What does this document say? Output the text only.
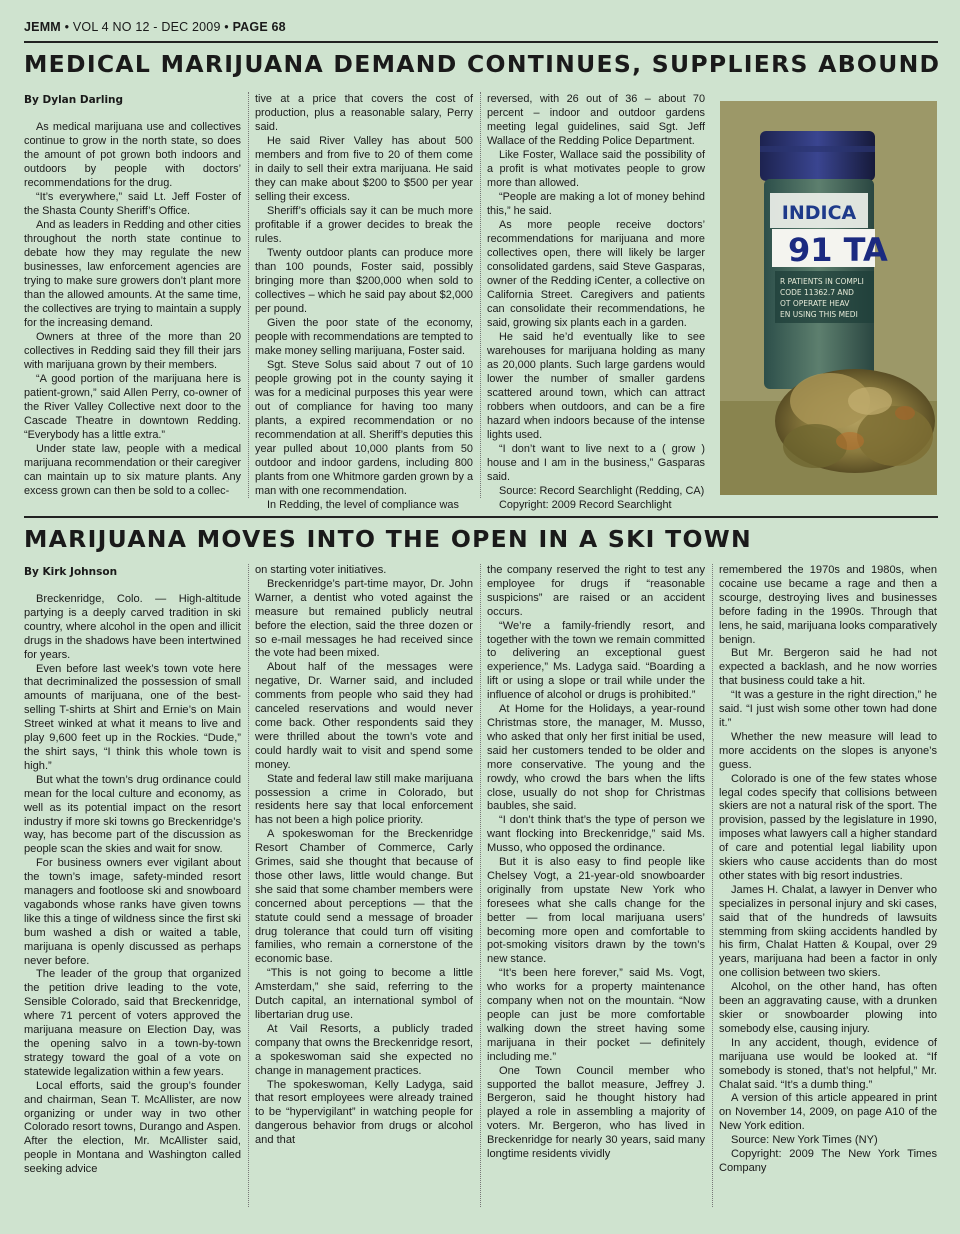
JEMM • VOL 4 NO 12 - DEC 2009 • PAGE 68
MEDICAL MARIJUANA DEMAND CONTINUES, SUPPLIERS ABOUND
By Dylan Darling

As medical marijuana use and collectives continue to grow in the north state, so does the amount of pot grown both indoors and outdoors by people with doctors’ recommendations for the drug.

“It’s everywhere,” said Lt. Jeff Foster of the Shasta County Sheriff’s Office.

And as leaders in Redding and other cities throughout the north state continue to debate how they may regulate the new businesses, law enforcement agencies are trying to make sure growers don’t plant more than the allowed amounts. At the same time, the collectives are trying to maintain a supply for the increasing demand.

Owners at three of the more than 20 collectives in Redding said they fill their jars with marijuana grown by their members.

“A good portion of the marijuana here is patient-grown,” said Allen Perry, co-owner of the River Valley Collective next door to the Cascade Theatre in downtown Redding. “Everybody has a little extra.”

Under state law, people with a medical marijuana recommendation or their caregiver can maintain up to six mature plants. Any excess grown can then be sold to a collec-

tive at a price that covers the cost of production, plus a reasonable salary, Perry said.

He said River Valley has about 500 members and from five to 20 of them come in daily to sell their extra marijuana. He said they can make about $200 to $500 per year selling their excess.

Sheriff’s officials say it can be much more profitable if a grower decides to break the rules.

Twenty outdoor plants can produce more than 100 pounds, Foster said, possibly bringing more than $200,000 when sold to collectives – which he said pay about $2,000 per pound.

Given the poor state of the economy, people with recommendations are tempted to make money selling marijuana, Foster said.

Sgt. Steve Solus said about 7 out of 10 people growing pot in the county saying it was for a medicinal purposes this year were out of compliance for having too many plants, a expired recommendation or no recommendation at all. Sheriff’s deputies this year pulled about 10,000 plants from 50 outdoor and indoor gardens, including 800 plants from one Whitmore garden grown by a man with one recommendation.

In Redding, the level of compliance was

reversed, with 26 out of 36 – about 70 percent – indoor and outdoor gardens meeting legal guidelines, said Sgt. Jeff Wallace of the Redding Police Department.

Like Foster, Wallace said the possibility of a profit is what motivates people to grow more than allowed.

“People are making a lot of money behind this,” he said.

As more people receive doctors’ recommendations for marijuana and more collectives open, there will likely be larger consolidated gardens, said Steve Gasparas, owner of the Redding iCenter, a collective on California Street. Caregivers and patients can consolidate their recommendations, he said, growing six plants each in a garden.

He said he’d eventually like to see warehouses for marijuana holding as many as 20,000 plants. Such large gardens would lower the number of smaller gardens scattered around town, which can attract robbers when outdoors, and can be a fire hazard when indoors because of the intense lights used.

“I don’t want to live next to a ( grow ) house and I am in the business,” Gasparas said.

Source: Record Searchlight (Redding, CA)

Copyright: 2009 Record Searchlight

INDICA
91 TA
R PATIENTS IN COMPLI
CODE 11362.7 AND
OT OPERATE HEAV
EN USING THIS MEDI
MARIJUANA MOVES INTO THE OPEN IN A SKI TOWN
By Kirk Johnson

Breckenridge, Colo. — High-altitude partying is a deeply carved tradition in ski country, where alcohol in the open and illicit drugs in the shadows have been intertwined for years.

Even before last week’s town vote here that decriminalized the possession of small amounts of marijuana, one of the best-selling T-shirts at Shirt and Ernie’s on Main Street winked at what it means to live and play 9,600 feet up in the Rockies. “Dude,” the shirt says, “I think this whole town is high.”

But what the town’s drug ordinance could mean for the local culture and economy, as well as its potential impact on the resort industry if more ski towns go Breckenridge’s way, has become part of the discussion as people scan the skies and wait for snow.

For business owners ever vigilant about the town’s image, safety-minded resort managers and footloose ski and snowboard vagabonds whose ranks have given towns like this a tinge of wildness since the first ski bum washed a dish or waited a table, marijuana is openly discussed as perhaps never before.

The leader of the group that organized the petition drive leading to the vote, Sensible Colorado, said that Breckenridge, where 71 percent of voters approved the marijuana measure on Election Day, was the opening salvo in a town-by-town strategy toward the goal of a vote on statewide legalization within a few years.

Local efforts, said the group’s founder and chairman, Sean T. McAllister, are now organizing or under way in two other Colorado resort towns, Durango and Aspen. After the election, Mr. McAllister said, people in Montana and Washington called seeking advice

on starting voter initiatives.

Breckenridge’s part-time mayor, Dr. John Warner, a dentist who voted against the measure but remained publicly neutral before the election, said the three dozen or so e-mail messages he had received since the vote had been mixed.

About half of the messages were negative, Dr. Warner said, and included comments from people who said they had canceled reservations and would never come back. Other respondents said they were thrilled about the town’s vote and could hardly wait to visit and spend some money.

State and federal law still make marijuana possession a crime in Colorado, but residents here say that local enforcement has not been a high police priority.

A spokeswoman for the Breckenridge Resort Chamber of Commerce, Carly Grimes, said she thought that because of those other laws, little would change. But she said that some chamber members were concerned about perceptions — that the statute could send a message of broader drug tolerance that could turn off visiting families, who remain a cornerstone of the economic base.

“This is not going to become a little Amsterdam,” she said, referring to the Dutch capital, an international symbol of libertarian drug use.

At Vail Resorts, a publicly traded company that owns the Breckenridge resort, a spokeswoman said she expected no change in management practices.

The spokeswoman, Kelly Ladyga, said that resort employees were already trained to be “hypervigilant” in watching people for dangerous behavior from drugs or alcohol and that

the company reserved the right to test any employee for drugs if “reasonable suspicions” are raised or an accident occurs.

“We’re a family-friendly resort, and together with the town we remain committed to delivering an exceptional guest experience,” Ms. Ladyga said. “Boarding a lift or using a slope or trail while under the influence of alcohol or drugs is prohibited.”

At Home for the Holidays, a year-round Christmas store, the manager, M. Musso, who asked that only her first initial be used, said her customers tended to be older and more conservative. The young and the rowdy, who crowd the bars when the lifts close, usually do not shop for Christmas baubles, she said.

“I don’t think that’s the type of person we want flocking into Breckenridge,” said Ms. Musso, who opposed the ordinance.

But it is also easy to find people like Chelsey Vogt, a 21-year-old snowboarder originally from upstate New York who foresees what she calls change for the better — from local marijuana users’ becoming more open and comfortable to pot-smoking visitors drawn by the town’s new stance.

“It’s been here forever,” said Ms. Vogt, who works for a property maintenance company when not on the mountain. “Now people can just be more comfortable walking down the street having some marijuana in their pocket — definitely including me.”

One Town Council member who supported the ballot measure, Jeffrey J. Bergeron, said he thought history had played a role in assembling a majority of voters. Mr. Bergeron, who has lived in Breckenridge for nearly 30 years, said many longtime residents vividly

remembered the 1970s and 1980s, when cocaine use became a rage and then a scourge, destroying lives and businesses before fading in the 1990s. Through that lens, he said, marijuana looks comparatively benign.

But Mr. Bergeron said he had not expected a backlash, and he now worries that business could take a hit.

“It was a gesture in the right direction,” he said. “I just wish some other town had done it.”

Whether the new measure will lead to more accidents on the slopes is anyone’s guess.

Colorado is one of the few states whose legal codes specify that collisions between skiers are not a natural risk of the sport. The provision, passed by the legislature in 1990, imposes what lawyers call a higher standard of care and potential legal liability upon skiers who cause accidents than do most other states with big resort industries.

James H. Chalat, a lawyer in Denver who specializes in personal injury and ski cases, said that of the hundreds of lawsuits stemming from skiing accidents handled by his firm, Chalat Hatten & Koupal, over 29 years, marijuana had been a factor in only one collision between two skiers.

Alcohol, on the other hand, has often been an aggravating cause, with a drunken skier or snowboarder plowing into somebody else, causing injury.

In any accident, though, evidence of marijuana use would be looked at. “If somebody is stoned, that’s not helpful,” Mr. Chalat said. “It’s a dumb thing.”

A version of this article appeared in print on November 14, 2009, on page A10 of the New York edition.

Source: New York Times (NY)

Copyright: 2009 The New York Times Company
